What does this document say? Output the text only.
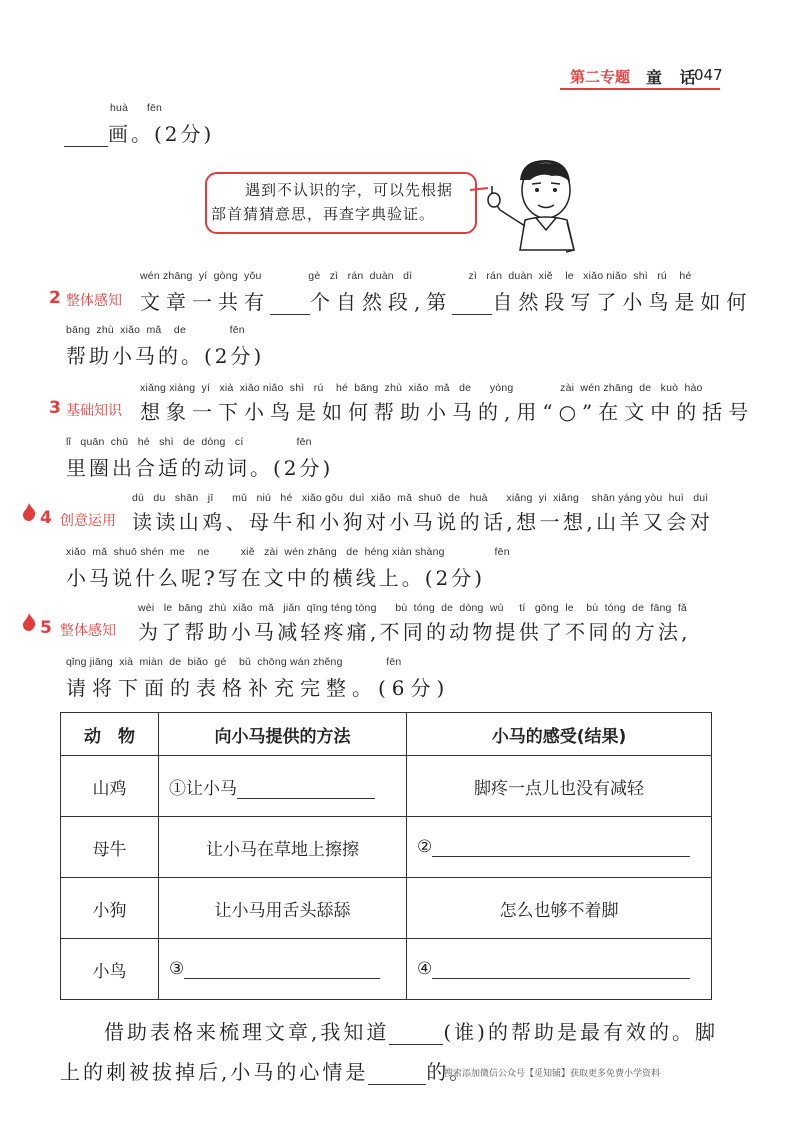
第二专题 童 话
047
huà      fēn
画。(2分)
遇到不认识的字，可以先根据
部首猜猜意思，再查字典验证。
wén zhāng  yí  gòng  yǒu               gè   zì   rán  duàn   dì                  zì   rán  duàn  xiě    le   xiǎo niǎo  shì   rú    hé
2 整体感知 文章一共有 个自然段,第 自然段写了小鸟是如何
bāng  zhù  xiǎo  mǎ    de              fēn
帮助小马的。(2分)
xiǎng xiàng  yí   xià  xiǎo niǎo  shì   rú    hé  bāng  zhù  xiǎo  mǎ   de      yòng               zài  wén zhāng  de   kuò  hào
3 基础知识 想象一下小鸟是如何帮助小马的,用“○”在文中的括号
lǐ   quān  chū   hé   shì   de  dòng   cí                 fēn
里圈出合适的动词。(2分)
dú   du   shān   jī      mǔ   niú   hé   xiǎo gǒu  duì  xiǎo  mǎ  shuō  de   huà      xiǎng  yi  xiǎng    shān yáng yòu  huì   duì
4 创意运用 读读山鸡、母牛和小狗对小马说的话,想一想,山羊又会对
xiǎo  mǎ  shuō shén  me    ne          xiě   zài  wén zhāng   de  héng xiàn shàng                fēn
小马说什么呢?写在文中的横线上。(2分)
wèi   le  bāng  zhù  xiǎo  mǎ   jiǎn  qīng téng tòng      bù  tóng  de  dòng  wù     tí   gōng  le    bù  tóng  de  fāng  fǎ
5 整体感知 为了帮助小马减轻疼痛,不同的动物提供了不同的方法,
qǐng jiāng  xià  miàn  de  biǎo  gé    bǔ  chōng wán zhěng              fēn
请将下面的表格补充完整。(6分)
动　物	向小马提供的方法	小马的感受(结果)
山鸡	①让小马	脚疼一点儿也没有减轻
母牛	让小马在草地上擦擦	②
小狗	让小马用舌头舔舔	怎么也够不着脚
小鸟	③	④
借助表格来梳理文章,我知道	(谁)的帮助是最有效的。脚
上的刺被拔掉后,小马的心情是	的。
搜索添加微信公众号【觅知铺】获取更多免费小学资料
